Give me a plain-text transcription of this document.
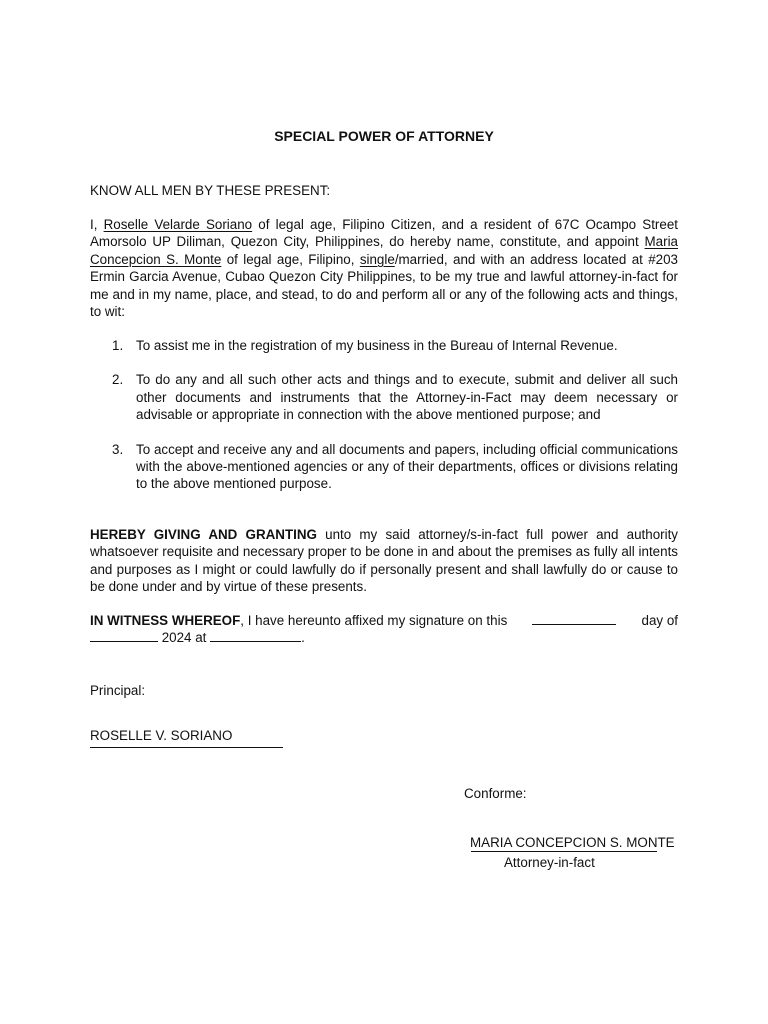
SPECIAL POWER OF ATTORNEY
KNOW ALL MEN BY THESE PRESENT:
I, Roselle Velarde Soriano of legal age, Filipino Citizen, and a resident of 67C Ocampo Street Amorsolo UP Diliman, Quezon City, Philippines, do hereby name, constitute, and appoint Maria Concepcion S. Monte of legal age, Filipino, single/married, and with an address located at #203 Ermin Garcia Avenue, Cubao Quezon City Philippines, to be my true and lawful attorney-in-fact for me and in my name, place, and stead, to do and perform all or any of the following acts and things, to wit:
1. To assist me in the registration of my business in the Bureau of Internal Revenue.
2. To do any and all such other acts and things and to execute, submit and deliver all such other documents and instruments that the Attorney-in-Fact may deem necessary or advisable or appropriate in connection with the above mentioned purpose; and
3. To accept and receive any and all documents and papers, including official communications with the above-mentioned agencies or any of their departments, offices or divisions relating to the above mentioned purpose.
HEREBY GIVING AND GRANTING unto my said attorney/s-in-fact full power and authority whatsoever requisite and necessary proper to be done in and about the premises as fully all intents and purposes as I might or could lawfully do if personally present and shall lawfully do or cause to be done under and by virtue of these presents.
IN WITNESS WHEREOF, I have hereunto affixed my signature on this	day of
2024 at	.
Principal:
ROSELLE V. SORIANO
Conforme:
MARIA CONCEPCION S. MONTE
Attorney-in-fact
